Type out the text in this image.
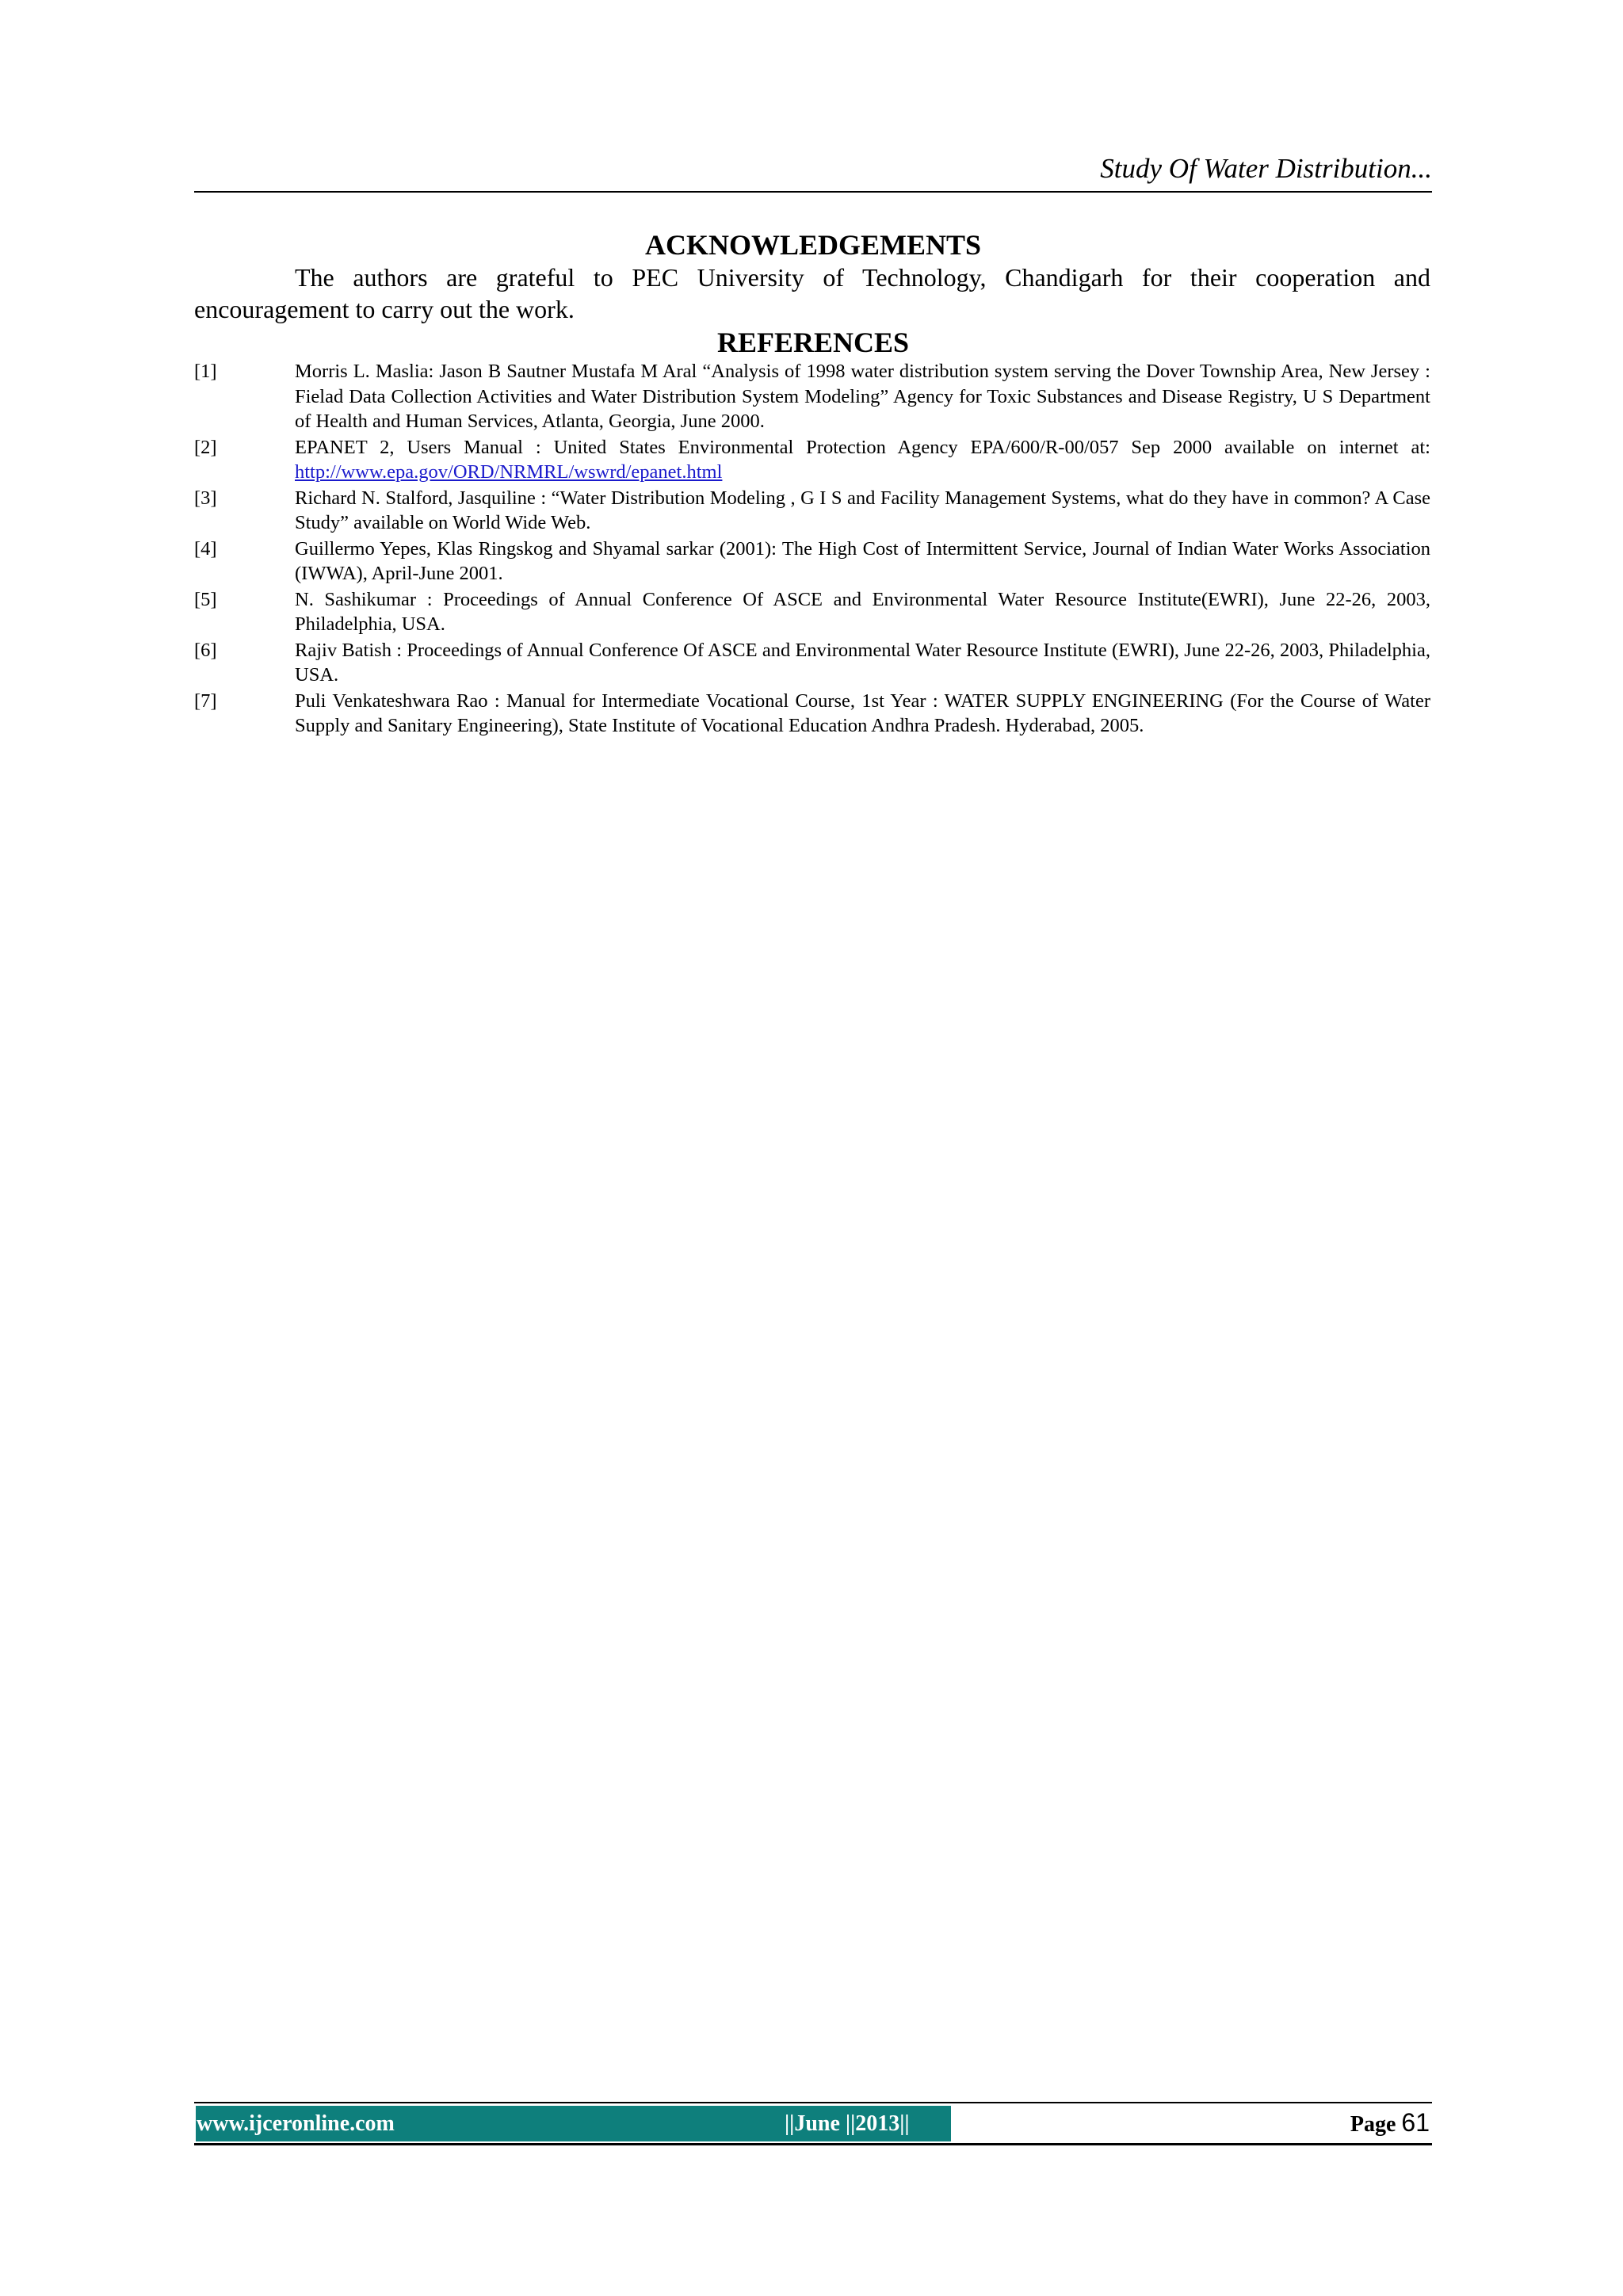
Study Of Water Distribution...
ACKNOWLEDGEMENTS

The authors are grateful to PEC University of Technology, Chandigarh for their cooperation and encouragement to carry out the work.

REFERENCES
[1]	Morris L. Maslia: Jason B Sautner Mustafa M Aral “Analysis of 1998 water distribution system serving the Dover Township Area, New Jersey : Fielad Data Collection Activities and Water Distribution System Modeling” Agency for Toxic Substances and Disease Registry, U S Department of Health and Human Services, Atlanta, Georgia, June 2000.
[2]	EPANET 2, Users Manual : United States Environmental Protection Agency EPA/600/R-00/057 Sep 2000 available on internet at: http://www.epa.gov/ORD/NRMRL/wswrd/epanet.html
[3]	Richard N. Stalford, Jasquiline : “Water Distribution Modeling , G I S and Facility Management Systems, what do they have in common? A Case Study” available on World Wide Web.
[4]	Guillermo Yepes, Klas Ringskog and Shyamal sarkar (2001): The High Cost of Intermittent Service, Journal of Indian Water Works Association (IWWA), April-June 2001.
[5]	N. Sashikumar : Proceedings of Annual Conference Of ASCE and Environmental Water Resource Institute(EWRI), June 22-26, 2003, Philadelphia, USA.
[6]	Rajiv Batish : Proceedings of Annual Conference Of ASCE and Environmental Water Resource Institute (EWRI), June 22-26, 2003, Philadelphia, USA.
[7]	Puli Venkateshwara Rao : Manual for Intermediate Vocational Course, 1st Year : WATER SUPPLY ENGINEERING (For the Course of Water Supply and Sanitary Engineering), State Institute of Vocational Education Andhra Pradesh. Hyderabad, 2005.
www.ijceronline.com	||June ||2013||	Page 61
